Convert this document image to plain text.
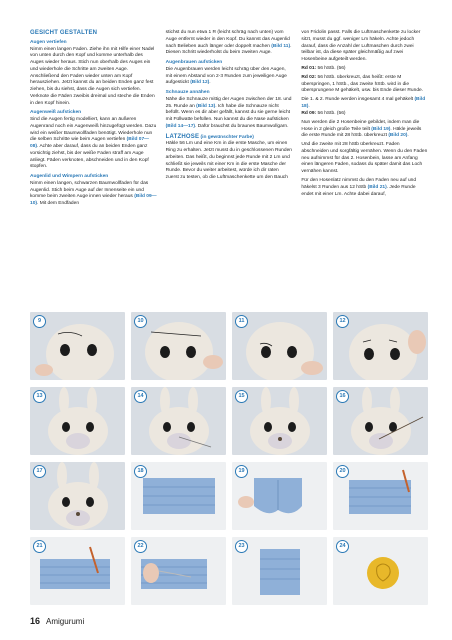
GESICHT GESTALTEN
Augen vertiefen

Nimm einen langen Faden. Ziehe ihn mit Hilfe einer Nadel von unten durch den Kopf und komme unterhalb des Auges wieder heraus. Stich nun oberhalb des Auges ein und wiederhole die Schritte am zweiten Auge. Anschließend den Faden wieder unten am Kopf herausziehen. Jetzt kannst du an beiden Enden ganz fest ziehen, bis du siehst, dass die Augen sich vertiefen. Verknote die Fäden zweibis dreimal und steche die Enden in den Kopf hinein.

Augenweiß aufsticken

Sind die Augen fertig modelliert, kann an äußeren Augenrand noch ein Augenweiß hinzugefügt werden. Dazu wird ein weißer Baumwollfaden benötigt. Wiederhole nun die selben Schritte wie beim Augen vertiefen (Bild 07—08). Achte aber darauf, dass du an beiden Enden ganz vorsichtig ziehst, bis der weiße Faden straff am Auge anliegt. Fäden verknoten, abschneiden und in den Kopf stopfen.

Augenlid und Wimpern aufsticken

Nimm einen langen, schwarzen Baumwollfaden für das Augenlid. Stich beim Auge auf der Innenseite ein und komme beim zweiten Auge innen wieder heraus (Bild 09—10). Mit dem Endfaden

stichst du nun etwa 1 R (leicht schräg nach unten) vom Auge entfernt wieder in den Kopf. Du kannst das Augenlid nach Belieben auch länger oder doppelt machen (Bild 11). Diesen Schritt wiederholst du beim zweiten Auge.

Augenbrauen aufsticken

Die Augenbrauen werden leicht schräg über den Augen, mit einem Abstand von 2-3 Runden zum jeweiligen Auge aufgestickt (Bild 12).

Schnauze annähen

Nähe die Schnauze mittig der Augen zwischen der 18. und 25. Runde an (Bild 13). Ich habe die Schnauze nicht befüllt. Wenn es dir aber gefällt, kannst du sie gerne leicht mit Füllwatte befüllen. Nun kannst du die Nase aufsticken (Bild 14—17). Dafür brauchst du braunes Baumwollgarn.

LATZHOSE (in gewünschter Farbe)

Häkle 56 Lm und eine Km in die erste Masche, um einen Ring zu erhalten. Jetzt musst du in geschlossenen Runden arbeiten. Das heißt, du beginnst jede Runde mit 2 Lm und schließt sie jeweils mit einer Km in die erste Masche der Runde. Bevor du weiter arbeitest, würde ich dir raten zuerst zu testen, ob die Luftmaschenkette um den Bauch

von Fridolin passt. Falls die Luftmaschenkette zu locker sitzt, musst du ggf. weniger Lm häkeln. Achte jedoch darauf, dass die Anzahl der Luftmaschen durch zwei teilbar ist, da diese später gleichmäßig auf zwei Hosenbeine aufgeteilt werden.

Rd 01: 56 hStb. (56)

Rd 02: 56 hStb. überkreuzt, das heißt: erste M überspringen, 1 hStb., das zweite hStb. wird in die übersprungene M gehäkelt, usw. bis Ende dieser Runde.

Die 1. & 2. Runde werden insgesamt 4 mal gehäkelt (Bild 18).
Rd 09: 56 hStb. (56)

Nun werden die 2 Hosenbeine gebildet, indem man die Hose in 2 gleich große Teile teilt (Bild 19). Häkle jeweils die erste Runde mit 28 hStb. überkreuzt (Bild 20).

Und die zweite mit 28 hStb überkreuzt. Faden abschneiden und sorgfältig vernähen. Wenn du den Faden neu aufnimmst für das 2. Hosenbein, lasse am Anfang einen längeren Faden, sodass du später damit das Loch vernähen kannst.

Für den Hosenlatz nimmst du den Faden neu auf und häkelst 3 Runden aus 12 hStb (Bild 21). Jede Runde endet mit einer Lm. Achte dabei darauf,

9	10	11	12
13	14	15	16
17	18	19	20
21	22	23	24
16 Amigurumi
